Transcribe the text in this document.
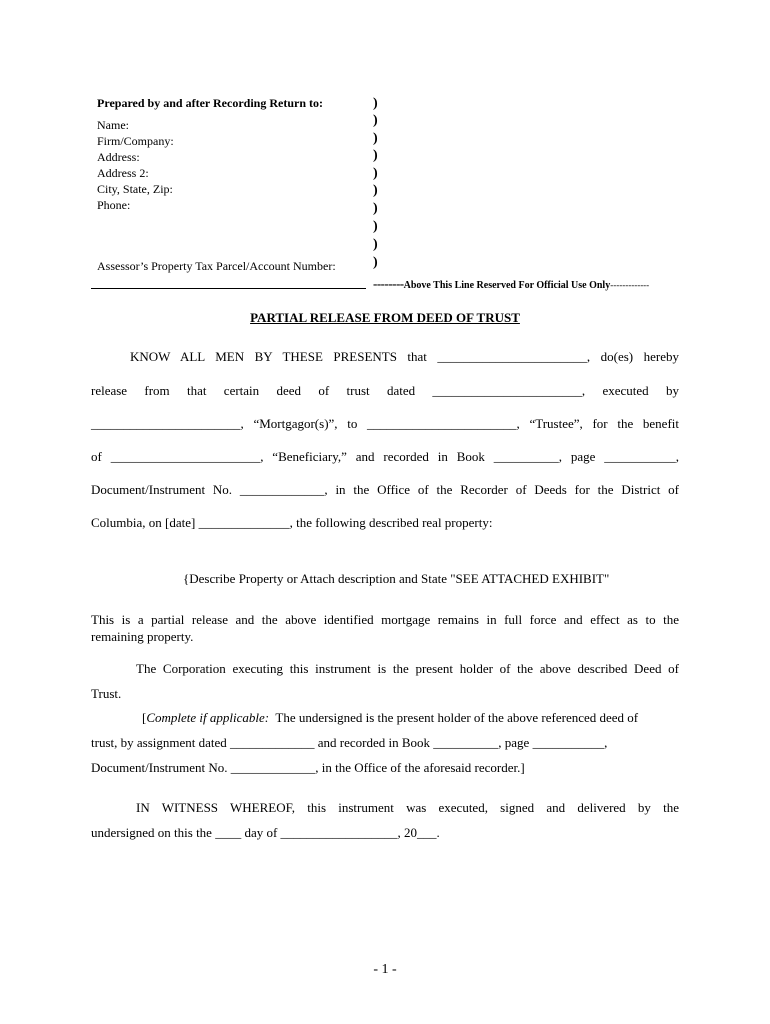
Prepared by and after Recording Return to:
Name:
Firm/Company:
Address:
Address 2:
City, State, Zip:
Phone:
Assessor’s Property Tax Parcel/Account Number:
)
)
)
)
)
)
)
)
)
)
--------Above This Line Reserved For Official Use Only-------------
PARTIAL RELEASE FROM DEED OF TRUST
KNOW ALL MEN BY THESE PRESENTS that _______________________, do(es) hereby
release from that certain deed of trust dated _______________________, executed by
_______________________, “Mortgagor(s)”, to _______________________, “Trustee”, for the benefit
of _______________________, “Beneficiary,” and recorded in Book __________, page ___________,
Document/Instrument No. _____________, in the Office of the Recorder of Deeds for the District of
Columbia, on [date] ______________, the following described real property:
{Describe Property or Attach description and State "SEE ATTACHED EXHIBIT"
This is a partial release and the above identified mortgage remains in full force and effect as to the
remaining property.
The Corporation executing this instrument is the present holder of the above described Deed of
Trust.
[Complete if applicable:  The undersigned is the present holder of the above referenced deed of
trust, by assignment dated _____________ and recorded in Book __________, page ___________,
Document/Instrument No. _____________, in the Office of the aforesaid recorder.]
IN WITNESS WHEREOF, this instrument was executed, signed and delivered by the
undersigned on this the ____ day of __________________, 20___.
- 1 -
